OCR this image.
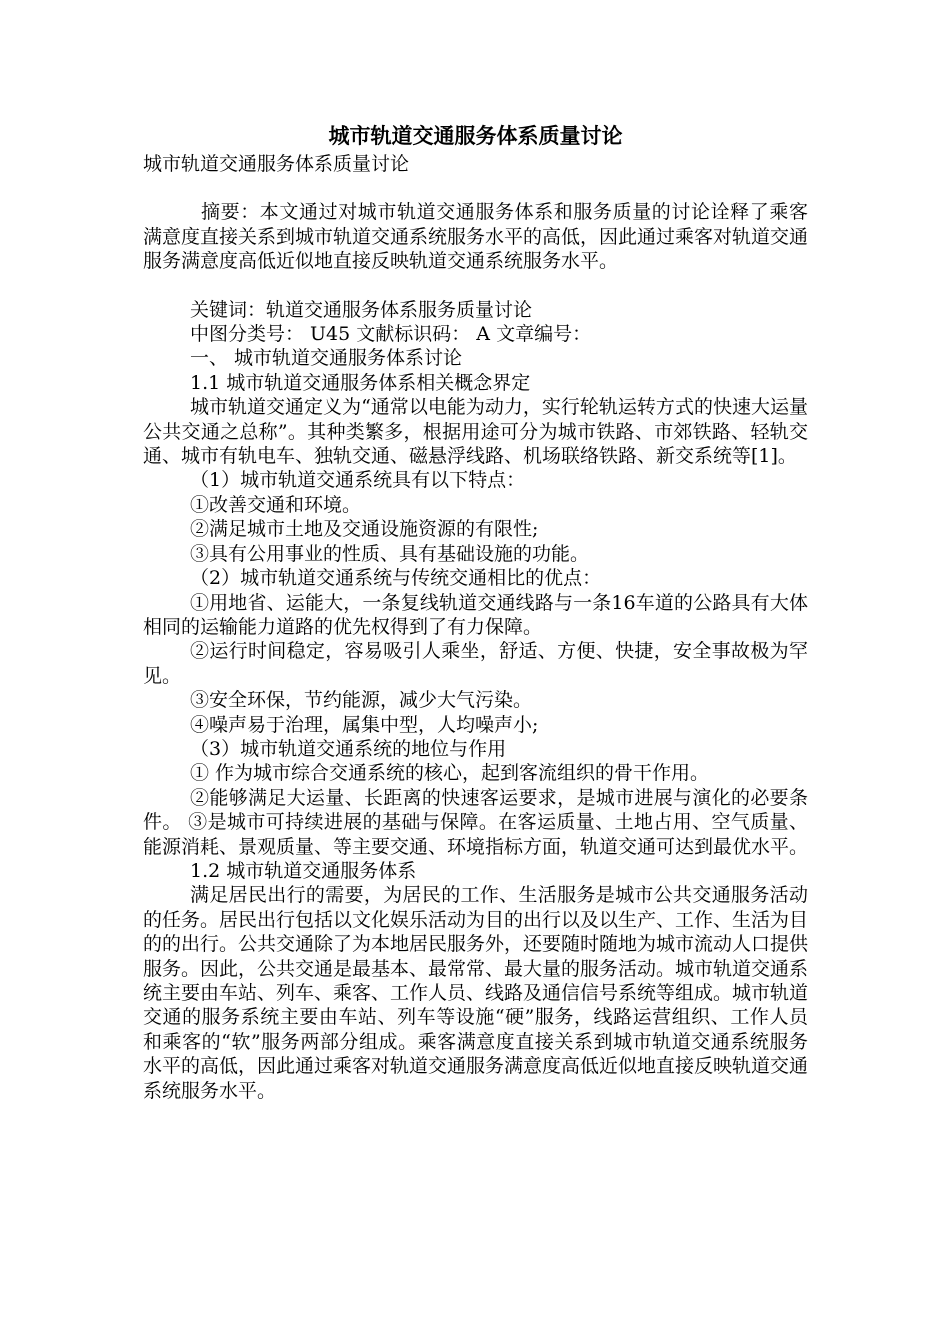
城市轨道交通服务体系质量讨论

城市轨道交通服务体系质量讨论

摘要：本文通过对城市轨道交通服务体系和服务质量的讨论诠释了乘客满意度直接关系到城市轨道交通系统服务水平的高低，因此通过乘客对轨道交通服务满意度高低近似地直接反映轨道交通系统服务水平。

关键词：轨道交通服务体系服务质量讨论

中图分类号： U45 文献标识码： A 文章编号：

一、 城市轨道交通服务体系讨论

1.1 城市轨道交通服务体系相关概念界定

城市轨道交通定义为“通常以电能为动力，实行轮轨运转方式的快速大运量公共交通之总称”。其种类繁多，根据用途可分为城市铁路、市郊铁路、轻轨交通、城市有轨电车、独轨交通、磁悬浮线路、机场联络铁路、新交系统等[1]。

（1）城市轨道交通系统具有以下特点：

①改善交通和环境。

②满足城市土地及交通设施资源的有限性;

③具有公用事业的性质、具有基础设施的功能。

（2）城市轨道交通系统与传统交通相比的优点：

①用地省、运能大，一条复线轨道交通线路与一条16车道的公路具有大体相同的运输能力道路的优先权得到了有力保障。

②运行时间稳定，容易吸引人乘坐，舒适、方便、快捷，安全事故极为罕见。

③安全环保，节约能源，减少大气污染。

④噪声易于治理，属集中型，人均噪声小;

（3）城市轨道交通系统的地位与作用

① 作为城市综合交通系统的核心，起到客流组织的骨干作用。

②能够满足大运量、长距离的快速客运要求，是城市进展与演化的必要条件。 ③是城市可持续进展的基础与保障。在客运质量、土地占用、空气质量、能源消耗、景观质量、等主要交通、环境指标方面，轨道交通可达到最优水平。

1.2 城市轨道交通服务体系

满足居民出行的需要，为居民的工作、生活服务是城市公共交通服务活动的任务。居民出行包括以文化娱乐活动为目的出行以及以生产、工作、生活为目的的出行。公共交通除了为本地居民服务外，还要随时随地为城市流动人口提供服务。因此，公共交通是最基本、最常常、最大量的服务活动。城市轨道交通系统主要由车站、列车、乘客、工作人员、线路及通信信号系统等组成。城市轨道交通的服务系统主要由车站、列车等设施“硬”服务，线路运营组织、工作人员和乘客的“软”服务两部分组成。乘客满意度直接关系到城市轨道交通系统服务水平的高低，因此通过乘客对轨道交通服务满意度高低近似地直接反映轨道交通系统服务水平。
